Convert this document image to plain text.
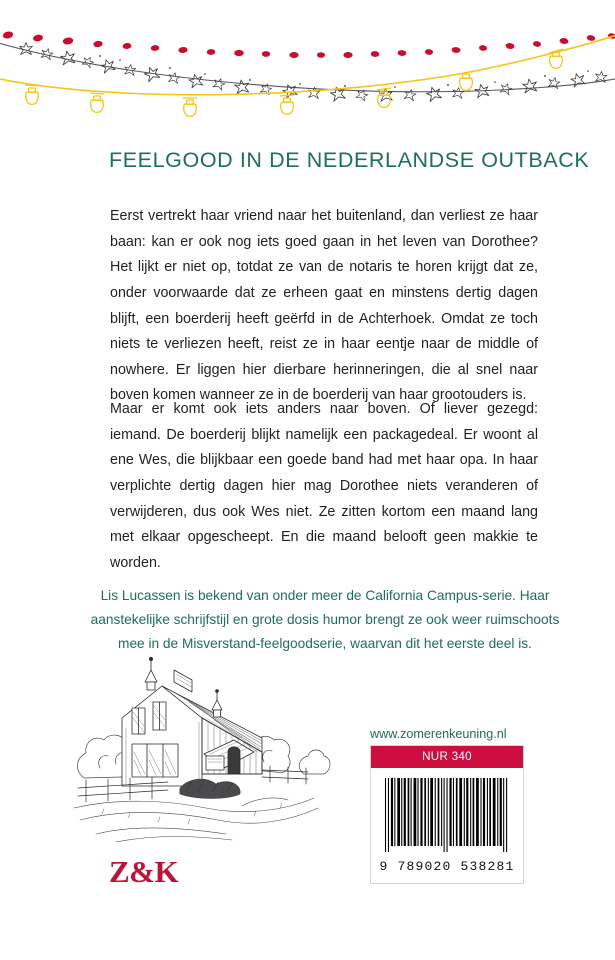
FEELGOOD IN DE NEDERLANDSE OUTBACK

Eerst vertrekt haar vriend naar het buitenland, dan verliest ze haar baan: kan er ook nog iets goed gaan in het leven van Dorothee? Het lijkt er niet op, totdat ze van de notaris te horen krijgt dat ze, onder voorwaarde dat ze erheen gaat en minstens dertig dagen blijft, een boerderij heeft geërfd in de Achterhoek. Omdat ze toch niets te verliezen heeft, reist ze in haar eentje naar de middle of nowhere. Er liggen hier dierbare herinneringen, die al snel naar boven komen wanneer ze in de boerderij van haar grootouders is.

Maar er komt ook iets anders naar boven. Of liever gezegd: iemand. De boerderij blijkt namelijk een packagedeal. Er woont al ene Wes, die blijkbaar een goede band had met haar opa. In haar verplichte dertig dagen hier mag Dorothee niets veranderen of verwijderen, dus ook Wes niet. Ze zitten kortom een maand lang met elkaar opgescheept. En die maand belooft geen makkie te worden.

Lis Lucassen is bekend van onder meer de California Campus-serie. Haar aanstekelijke schrijfstijl en grote dosis humor brengt ze ook weer ruimschoots mee in de Misverstand-feelgoodserie, waarvan dit het eerste deel is.

Z&K
www.zomerenkeuning.nl
NUR 340
9 789020 538281
